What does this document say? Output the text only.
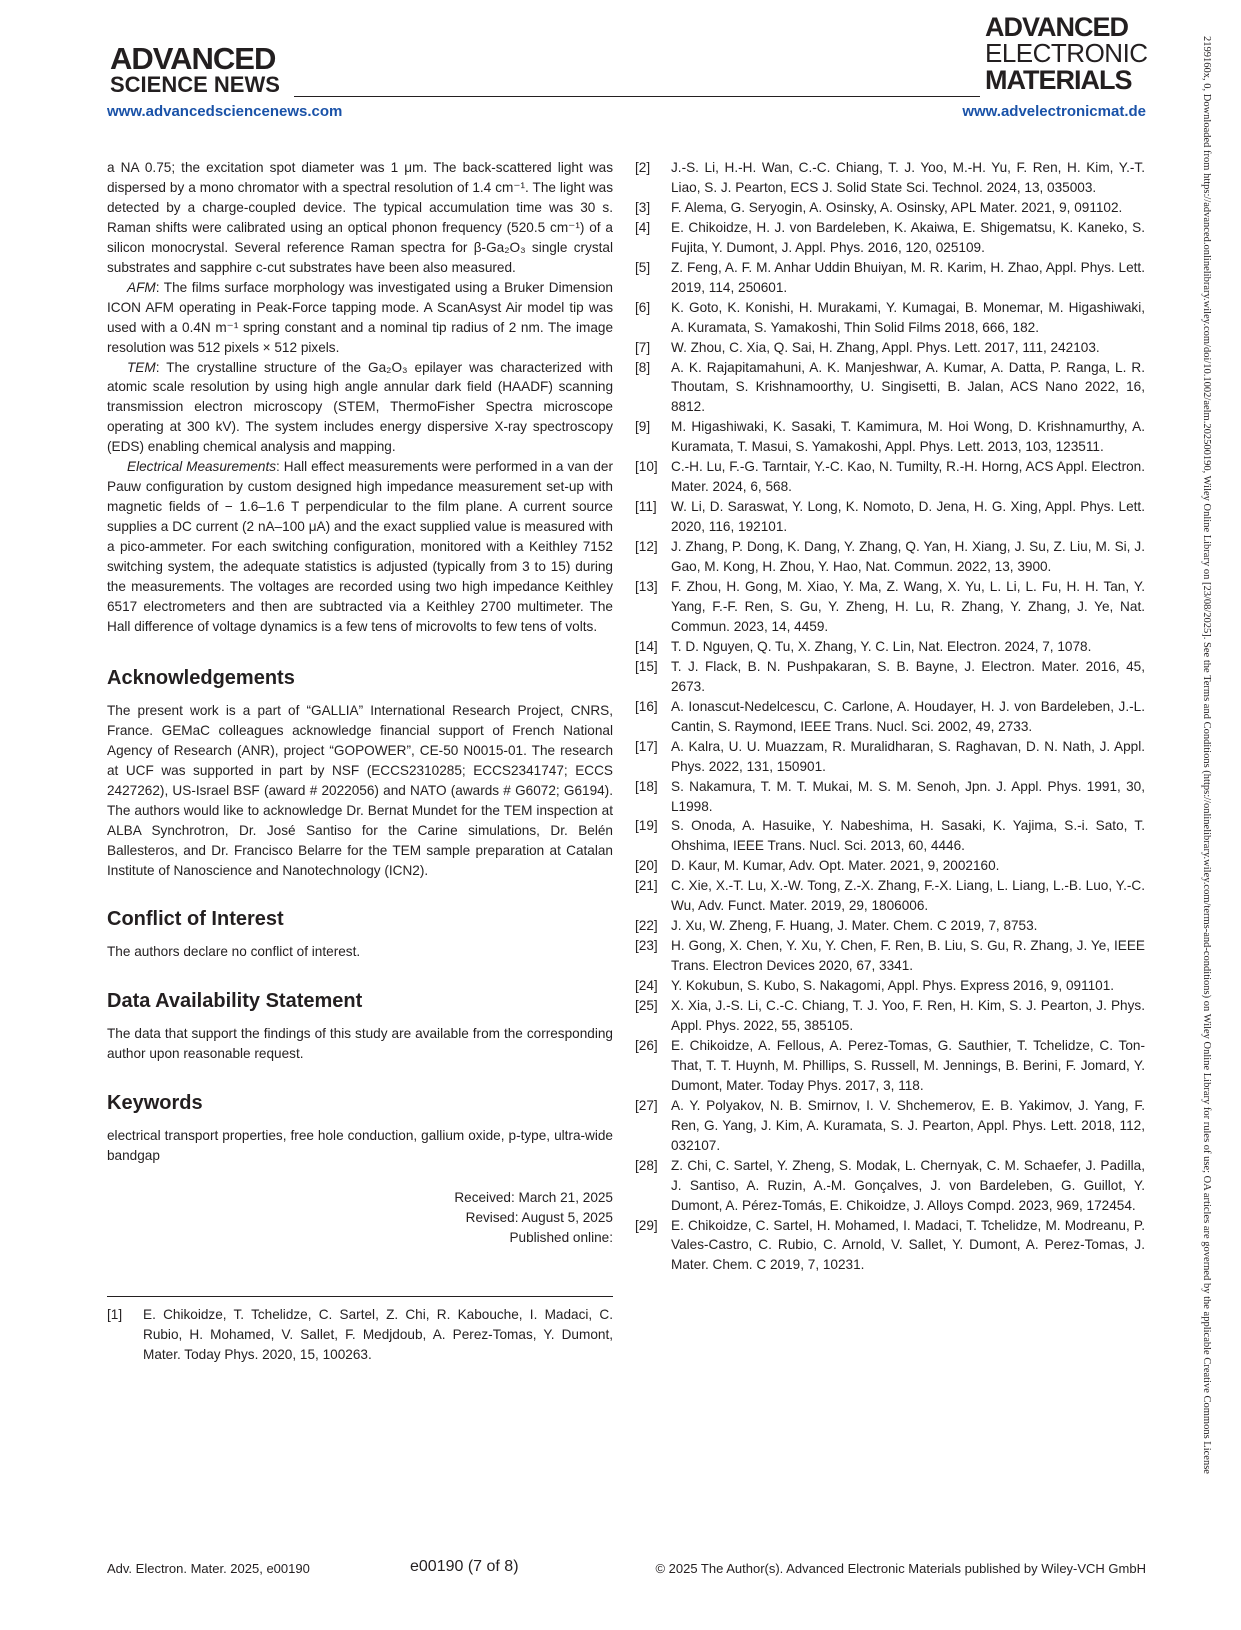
ADVANCED
SCIENCE NEWS
ADVANCED
ELECTRONIC
MATERIALS
www.advancedsciencenews.com	www.advelectronicmat.de

a NA 0.75; the excitation spot diameter was 1 μm. The back-scattered light was dispersed by a mono chromator with a spectral resolution of 1.4 cm⁻¹. The light was detected by a charge-coupled device. The typical accumulation time was 30 s. Raman shifts were calibrated using an optical phonon frequency (520.5 cm⁻¹) of a silicon monocrystal. Several reference Raman spectra for β-Ga₂O₃ single crystal substrates and sapphire c-cut substrates have been also measured.

AFM: The films surface morphology was investigated using a Bruker Dimension ICON AFM operating in Peak-Force tapping mode. A ScanAsyst Air model tip was used with a 0.4N m⁻¹ spring constant and a nominal tip radius of 2 nm. The image resolution was 512 pixels × 512 pixels.

TEM: The crystalline structure of the Ga₂O₃ epilayer was characterized with atomic scale resolution by using high angle annular dark field (HAADF) scanning transmission electron microscopy (STEM, ThermoFisher Spectra microscope operating at 300 kV). The system includes energy dispersive X-ray spectroscopy (EDS) enabling chemical analysis and mapping.

Electrical Measurements: Hall effect measurements were performed in a van der Pauw configuration by custom designed high impedance measurement set-up with magnetic fields of − 1.6–1.6 T perpendicular to the film plane. A current source supplies a DC current (2 nA–100 μA) and the exact supplied value is measured with a pico-ammeter. For each switching configuration, monitored with a Keithley 7152 switching system, the adequate statistics is adjusted (typically from 3 to 15) during the measurements. The voltages are recorded using two high impedance Keithley 6517 electrometers and then are subtracted via a Keithley 2700 multimeter. The Hall difference of voltage dynamics is a few tens of microvolts to few tens of volts.

Acknowledgements

The present work is a part of “GALLIA” International Research Project, CNRS, France. GEMaC colleagues acknowledge financial support of French National Agency of Research (ANR), project “GOPOWER”, CE-50 N0015-01. The research at UCF was supported in part by NSF (ECCS2310285; ECCS2341747; ECCS 2427262), US-Israel BSF (award # 2022056) and NATO (awards # G6072; G6194). The authors would like to acknowledge Dr. Bernat Mundet for the TEM inspection at ALBA Synchrotron, Dr. José Santiso for the Carine simulations, Dr. Belén Ballesteros, and Dr. Francisco Belarre for the TEM sample preparation at Catalan Institute of Nanoscience and Nanotechnology (ICN2).

Conflict of Interest

The authors declare no conflict of interest.

Data Availability Statement

The data that support the findings of this study are available from the corresponding author upon reasonable request.

Keywords

electrical transport properties, free hole conduction, gallium oxide, p-type, ultra-wide bandgap

Received: March 21, 2025
Revised: August 5, 2025
Published online:
[1]	E. Chikoidze, T. Tchelidze, C. Sartel, Z. Chi, R. Kabouche, I. Madaci, C. Rubio, H. Mohamed, V. Sallet, F. Medjdoub, A. Perez-Tomas, Y. Dumont, Mater. Today Phys. 2020, 15, 100263.
[2]	J.-S. Li, H.-H. Wan, C.-C. Chiang, T. J. Yoo, M.-H. Yu, F. Ren, H. Kim, Y.-T. Liao, S. J. Pearton, ECS J. Solid State Sci. Technol. 2024, 13, 035003.
[3]	F. Alema, G. Seryogin, A. Osinsky, A. Osinsky, APL Mater. 2021, 9, 091102.
[4]	E. Chikoidze, H. J. von Bardeleben, K. Akaiwa, E. Shigematsu, K. Kaneko, S. Fujita, Y. Dumont, J. Appl. Phys. 2016, 120, 025109.
[5]	Z. Feng, A. F. M. Anhar Uddin Bhuiyan, M. R. Karim, H. Zhao, Appl. Phys. Lett. 2019, 114, 250601.
[6]	K. Goto, K. Konishi, H. Murakami, Y. Kumagai, B. Monemar, M. Higashiwaki, A. Kuramata, S. Yamakoshi, Thin Solid Films 2018, 666, 182.
[7]	W. Zhou, C. Xia, Q. Sai, H. Zhang, Appl. Phys. Lett. 2017, 111, 242103.
[8]	A. K. Rajapitamahuni, A. K. Manjeshwar, A. Kumar, A. Datta, P. Ranga, L. R. Thoutam, S. Krishnamoorthy, U. Singisetti, B. Jalan, ACS Nano 2022, 16, 8812.
[9]	M. Higashiwaki, K. Sasaki, T. Kamimura, M. Hoi Wong, D. Krishnamurthy, A. Kuramata, T. Masui, S. Yamakoshi, Appl. Phys. Lett. 2013, 103, 123511.
[10] C.-H. Lu, F.-G. Tarntair, Y.-C. Kao, N. Tumilty, R.-H. Horng, ACS Appl. Electron. Mater. 2024, 6, 568.
[11]	W. Li, D. Saraswat, Y. Long, K. Nomoto, D. Jena, H. G. Xing, Appl. Phys. Lett. 2020, 116, 192101.
[12] J. Zhang, P. Dong, K. Dang, Y. Zhang, Q. Yan, H. Xiang, J. Su, Z. Liu, M. Si, J. Gao, M. Kong, H. Zhou, Y. Hao, Nat. Commun. 2022, 13, 3900.
[13] F. Zhou, H. Gong, M. Xiao, Y. Ma, Z. Wang, X. Yu, L. Li, L. Fu, H. H. Tan, Y. Yang, F.-F. Ren, S. Gu, Y. Zheng, H. Lu, R. Zhang, Y. Zhang, J. Ye, Nat. Commun. 2023, 14, 4459.
[14] T. D. Nguyen, Q. Tu, X. Zhang, Y. C. Lin, Nat. Electron. 2024, 7, 1078.
[15] T. J. Flack, B. N. Pushpakaran, S. B. Bayne, J. Electron. Mater. 2016, 45, 2673.
[16] A. Ionascut-Nedelcescu, C. Carlone, A. Houdayer, H. J. von Bardeleben, J.-L. Cantin, S. Raymond, IEEE Trans. Nucl. Sci. 2002, 49, 2733.
[17] A. Kalra, U. U. Muazzam, R. Muralidharan, S. Raghavan, D. N. Nath, J. Appl. Phys. 2022, 131, 150901.
[18] S. Nakamura, T. M. T. Mukai, M. S. M. Senoh, Jpn. J. Appl. Phys. 1991, 30, L1998.
[19] S. Onoda, A. Hasuike, Y. Nabeshima, H. Sasaki, K. Yajima, S.-i. Sato, T. Ohshima, IEEE Trans. Nucl. Sci. 2013, 60, 4446.
[20] D. Kaur, M. Kumar, Adv. Opt. Mater. 2021, 9, 2002160.
[21] C. Xie, X.-T. Lu, X.-W. Tong, Z.-X. Zhang, F.-X. Liang, L. Liang, L.-B. Luo, Y.-C. Wu, Adv. Funct. Mater. 2019, 29, 1806006.
[22] J. Xu, W. Zheng, F. Huang, J. Mater. Chem. C 2019, 7, 8753.
[23] H. Gong, X. Chen, Y. Xu, Y. Chen, F. Ren, B. Liu, S. Gu, R. Zhang, J. Ye, IEEE Trans. Electron Devices 2020, 67, 3341.
[24] Y. Kokubun, S. Kubo, S. Nakagomi, Appl. Phys. Express 2016, 9, 091101.
[25] X. Xia, J.-S. Li, C.-C. Chiang, T. J. Yoo, F. Ren, H. Kim, S. J. Pearton, J. Phys. Appl. Phys. 2022, 55, 385105.
[26] E. Chikoidze, A. Fellous, A. Perez-Tomas, G. Sauthier, T. Tchelidze, C. Ton-That, T. T. Huynh, M. Phillips, S. Russell, M. Jennings, B. Berini, F. Jomard, Y. Dumont, Mater. Today Phys. 2017, 3, 118.
[27] A. Y. Polyakov, N. B. Smirnov, I. V. Shchemerov, E. B. Yakimov, J. Yang, F. Ren, G. Yang, J. Kim, A. Kuramata, S. J. Pearton, Appl. Phys. Lett. 2018, 112, 032107.
[28] Z. Chi, C. Sartel, Y. Zheng, S. Modak, L. Chernyak, C. M. Schaefer, J. Padilla, J. Santiso, A. Ruzin, A.-M. Gonçalves, J. von Bardeleben, G. Guillot, Y. Dumont, A. Pérez-Tomás, E. Chikoidze, J. Alloys Compd. 2023, 969, 172454.
[29] E. Chikoidze, C. Sartel, H. Mohamed, I. Madaci, T. Tchelidze, M. Modreanu, P. Vales-Castro, C. Rubio, C. Arnold, V. Sallet, Y. Dumont, A. Perez-Tomas, J. Mater. Chem. C 2019, 7, 10231.	2199160x, 0, Downloaded from https://advanced.onlinelibrary.wiley.com/doi/10.1002/aelm.202500190, Wiley Online Library on [23/08/2025]. See the Terms and Conditions (https://onlinelibrary.wiley.com/terms-and-conditions) on Wiley Online Library for rules of use; OA articles are governed by the applicable Creative Commons License
Adv. Electron. Mater. 2025, e00190	e00190 (7 of 8)	© 2025 The Author(s). Advanced Electronic Materials published by Wiley-VCH GmbH
